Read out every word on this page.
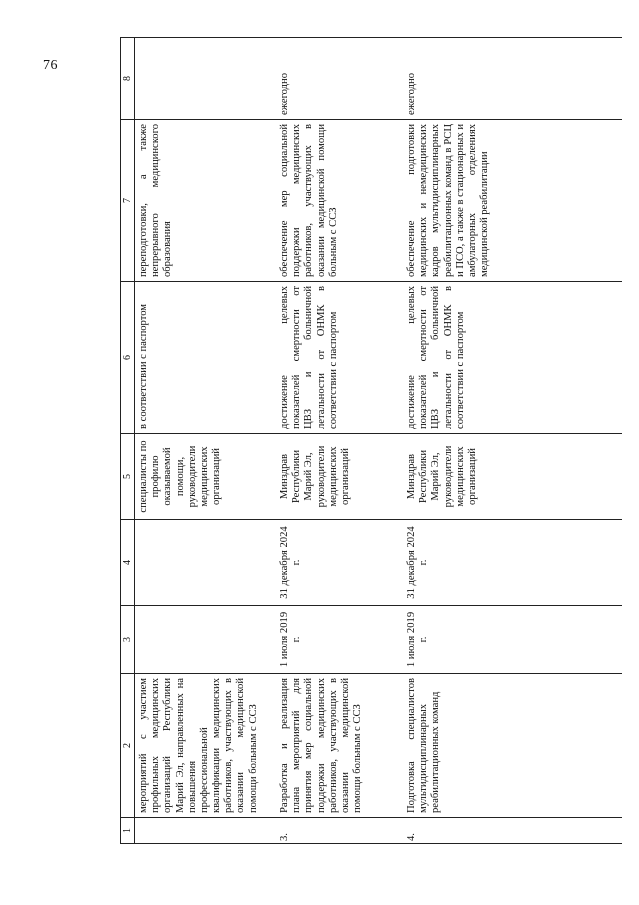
76
1	2	3	4	5	6	7	8
	мероприятий с участием профильных медицинских организаций Республики Марий Эл, направленных на повышения профессиональной квалификации медицинских работников, участвующих в оказании медицинской помощи больным с ССЗ			специалисты по профилю оказываемой помощи, руководители медицинских организаций	в соответствии с паспортом	переподготовки, а также непрерывного медицинского образования	
3.	Разработка и реализация плана мероприятий для принятия мер социальной поддержки медицинских работников, участвующих в оказании медицинской помощи больным с ССЗ	1 июля 2019 г.	31 декабря 2024 г.	Минздрав Республики Марий Эл, руководители медицинских организаций	достижение целевых показателей смертности от ЦВЗ и больничной летальности от ОНМК в соответствии с паспортом	обеспечение мер социальной поддержки медицинских работников, участвующих в оказании медицинской помощи больным с ССЗ	ежегодно
4.	Подготовка специалистов мультидисциплинарных реабилитационных команд	1 июля 2019 г.	31 декабря 2024 г.	Минздрав Республики Марий Эл, руководители медицинских организаций	достижение целевых показателей смертности от ЦВЗ и больничной летальности от ОНМК в соответствии с паспортом	обеспечение подготовки медицинских и немедицинских кадров мультидисциплинарных реабилитационных команд в РСЦ и ПСО, а также в стационарных и амбулаторных отделениях медицинской реабилитации	ежегодно
